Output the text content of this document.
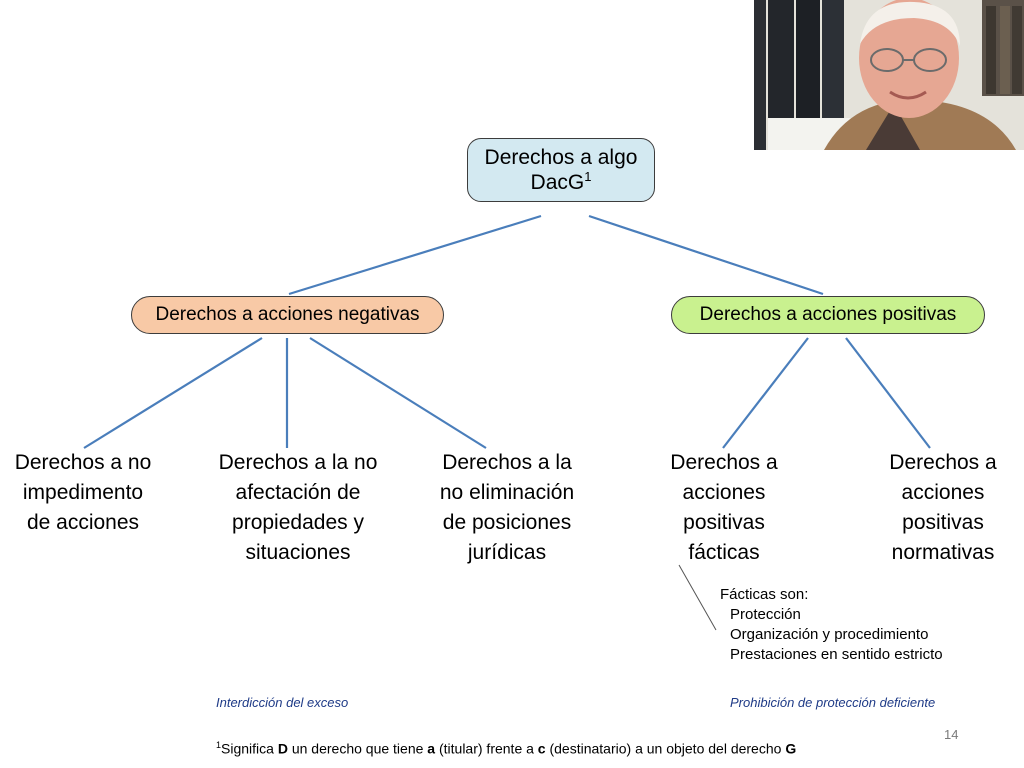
Derechos a algo
DacG$^1$
Derechos a acciones negativas	Derechos a acciones positivas
Derechos a no
impedimento
de acciones
Derechos a la no
afectación de
propiedades y
situaciones
Derechos a la
no eliminación
de posiciones
jurídicas
Derechos a
acciones
positivas
fácticas
Derechos a
acciones
positivas
normativas
Fácticas son:
Protección
Organización y procedimiento
Prestaciones en sentido estricto
Interdicción del exceso	Prohibición de protección deficiente
14
$^1$Significa D un derecho que tiene a (titular) frente a c (destinatario) a un objeto del derecho G
